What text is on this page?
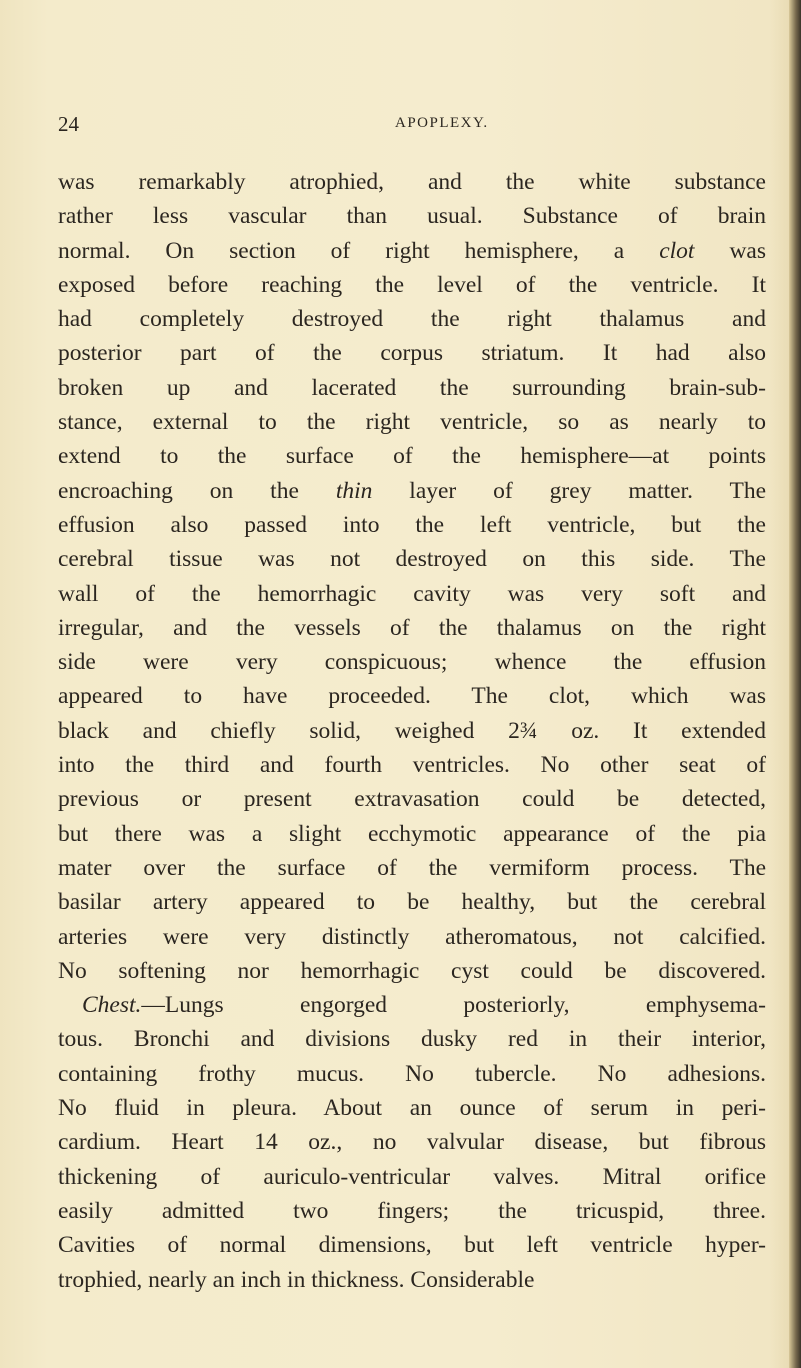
24	APOPLEXY.
was remarkably atrophied, and the white substance
rather less vascular than usual. Substance of brain
normal. On section of right hemisphere, a clot was
exposed before reaching the level of the ventricle. It
had completely destroyed the right thalamus and
posterior part of the corpus striatum. It had also
broken up and lacerated the surrounding brain-sub-
stance, external to the right ventricle, so as nearly to
extend to the surface of the hemisphere—at points
encroaching on the thin layer of grey matter. The
effusion also passed into the left ventricle, but the
cerebral tissue was not destroyed on this side. The
wall of the hemorrhagic cavity was very soft and
irregular, and the vessels of the thalamus on the right
side were very conspicuous; whence the effusion
appeared to have proceeded. The clot, which was
black and chiefly solid, weighed 2¾ oz. It extended
into the third and fourth ventricles. No other seat of
previous or present extravasation could be detected,
but there was a slight ecchymotic appearance of the pia
mater over the surface of the vermiform process. The
basilar artery appeared to be healthy, but the cerebral
arteries were very distinctly atheromatous, not calcified.
No softening nor hemorrhagic cyst could be discovered.
Chest.—Lungs engorged posteriorly, emphysema-
tous. Bronchi and divisions dusky red in their interior,
containing frothy mucus. No tubercle. No adhesions.
No fluid in pleura. About an ounce of serum in peri-
cardium. Heart 14 oz., no valvular disease, but fibrous
thickening of auriculo-ventricular valves. Mitral orifice
easily admitted two fingers; the tricuspid, three.
Cavities of normal dimensions, but left ventricle hyper-
trophied, nearly an inch in thickness. Considerable
